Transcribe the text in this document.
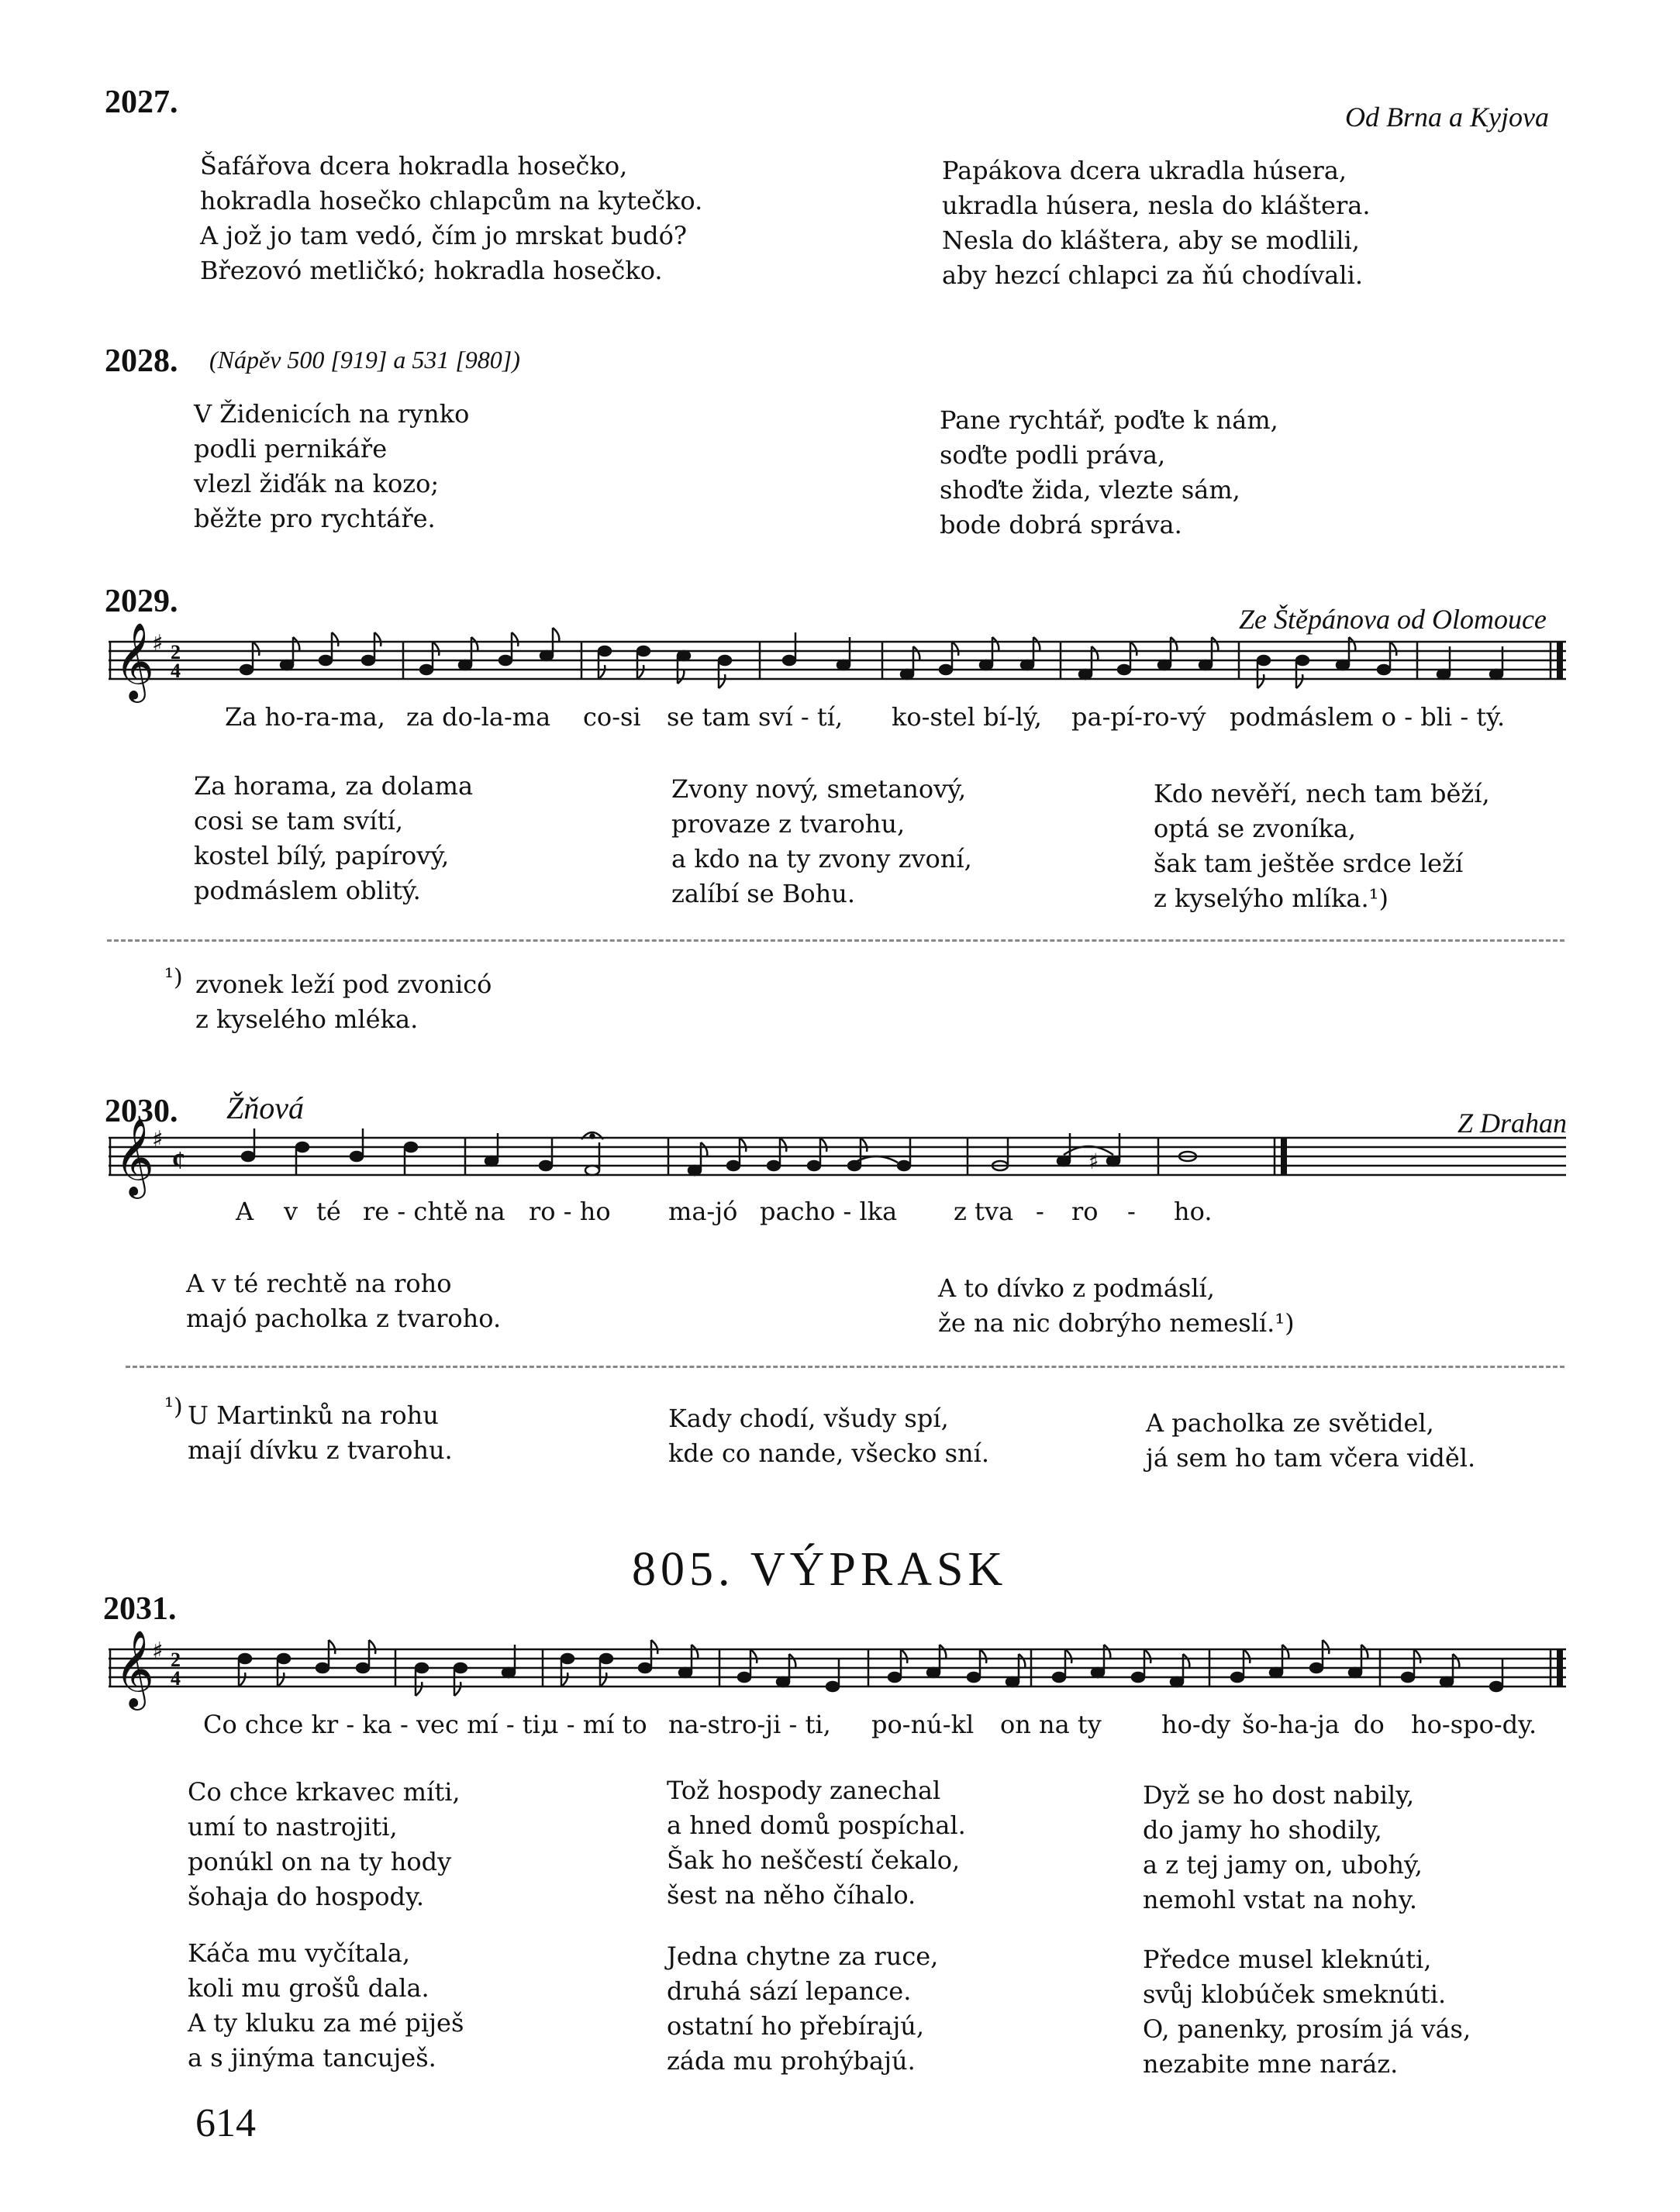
2027.	Od Brna a Kyjova
Šafářova dcera hokradla hosečko,
hokradla hosečko chlapcům na kytečko.
A jož jo tam vedó, čím jo mrskat budó?
Březovó metličkó; hokradla hosečko.
Papákova dcera ukradla húsera,
ukradla húsera, nesla do kláštera.
Nesla do kláštera, aby se modlili,
aby hezcí chlapci za ňú chodívali.
2028. (Nápěv 500 [919] a 531 [980])
V Židenicích na rynko
podli pernikáře
vlezl žiďák na kozo;
běžte pro rychtáře.
Pane rychtář, poďte k nám,
soďte podli práva,
shoďte žida, vlezte sám,
bode dobrá správa.
2029.	Ze Štěpánova od Olomouce
𝄞
♯ 2
4
Za ho-ra-ma, za do-la-ma co-si se tam sví - tí, ko-stel bí-lý, pa-pí-ro-vý podmáslem o - bli - tý.
Za horama, za dolama
cosi se tam svítí,
kostel bílý, papírový,
podmáslem oblitý.
Zvony nový, smetanový,
provaze z tvarohu,
a kdo na ty zvony zvoní,
zalíbí se Bohu.
Kdo nevěří, nech tam běží,
optá se zvoníka,
šak tam ještěe srdce leží
z kyselýho mlíka.¹)
¹) zvonek leží pod zvonicó
z kyselého mléka.
2030. Žňová	Z Drahan
𝄞
♯
¢	♯
A v té re - chtě na ro - ho ma-jó pacho - lka z tva - ro - ho.
A v té rechtě na roho
majó pacholka z tvaroho.
A to dívko z podmáslí,
že na nic dobrýho nemeslí.¹)
¹) U Martinků na rohu
mají dívku z tvarohu.
Kady chodí, všudy spí,
kde co nande, všecko sní.
A pacholka ze světidel,
já sem ho tam včera viděl.
805. VÝPRASK
2031.
𝄞
♯ 2
4
Co chce kr - ka - vec mí - ti,
u - mí to na-stro-ji - ti, po-nú-kl on na ty ho-dy šo-ha-ja do ho-spo-dy.
Co chce krkavec míti,
umí to nastrojiti,
ponúkl on na ty hody
šohaja do hospody.
Tož hospody zanechal
a hned domů pospíchal.
Šak ho neščestí čekalo,
šest na něho číhalo.
Dyž se ho dost nabily,
do jamy ho shodily,
a z tej jamy on, ubohý,
nemohl vstat na nohy.
Káča mu vyčítala,
koli mu grošů dala.
A ty kluku za mé piješ
a s jinýma tancuješ.
Jedna chytne za ruce,
druhá sází lepance.
ostatní ho přebírajú,
záda mu prohýbajú.
Předce musel kleknúti,
svůj klobúček smeknúti.
O, panenky, prosím já vás,
nezabite mne naráz.
614
